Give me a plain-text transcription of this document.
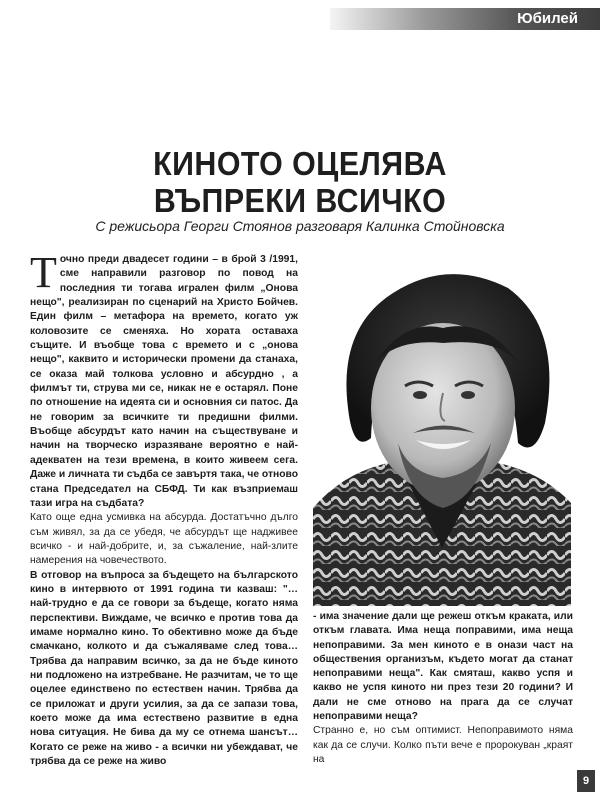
Юбилей
КИНОТО ОЦЕЛЯВА
ВЪПРЕКИ ВСИЧКО
С режисьора Георги Стоянов разговаря Калинка Стойновска

Точно преди двадесет години – в брой 3 /1991, сме направили разговор по повод на последния ти тогава игрален филм „Онова нещо", реализиран по сценарий на Христо Бойчев. Един филм – метафора на времето, когато уж коловозите се сменяха. Но хората оставаха същите. И въобще това с времето и с „онова нещо", каквито и исторически промени да станаха, се оказа май толкова условно и абсурдно , а филмът ти, струва ми се, никак не е остарял. Поне по отношение на идеята си и основния си патос. Да не говорим за всичките ти предишни филми. Въобще абсурдът като начин на съществуване и начин на творческо изразяване вероятно е най-адекватен на тези времена, в които живеем сега. Даже и личната ти съдба се завъртя така, че отново стана Председател на СБФД. Ти как възприемаш тази игра на съдбата?

Като още една усмивка на абсурда. Достатъчно дълго съм живял, за да се убедя, че абсурдът ще надживее всичко - и най-добрите, и, за съжаление, най-злите намерения на човечеството.

В отговор на въпроса за бъдещето на българското кино в интервюто от 1991 година ти казваш: "… най-трудно е да се говори за бъдеще, когато няма перспективи. Виждаме, че всичко е против това да имаме нормално кино. То обективно може да бъде смачкано, колкото и да съжаляваме след това… Трябва да направим всичко, за да не бъде киното ни подложено на изтребване. Не разчитам, че то ще оцелее единствено по естествен начин. Трябва да се приложат и други усилия, за да се запази това, което може да има естествено развитие в една нова ситуация. Не бива да му се отнема шансът… Когато се реже на живо - а всички ни убеждават, че трябва да се реже на живо

- има значение дали ще режеш откъм краката, или откъм главата. Има неща поправими, има неща непоправими. За мен киното е в онази част на обществения организъм, където могат да станат непоправими неща". Как смяташ, какво успя и какво не успя киното ни през тези 20 години? И дали не сме отново на прага да се случат непоправими неща?

Странно е, но съм оптимист. Непоправимото няма как да се случи. Колко пъти вече е пророкуван „краят на

9
